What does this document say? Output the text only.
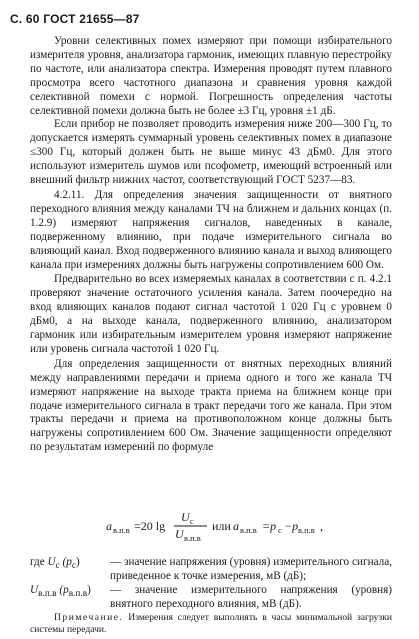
С. 60 ГОСТ 21655—87

Уровни селективных помех измеряют при помощи избирательного измерителя уровня, анализатора гармоник, имеющих плавную перестройку по частоте, или анализатора спектра. Измерения проводят путем плавного просмотра всего частотного диапазона и сравнения уровня каждой селективной помехи с нормой. Погрешность определения частоты селективной помехи должна быть не более ±3 Гц, уровня ±1 дБ.

Если прибор не позволяет проводить измерения ниже 200—300 Гц, то допускается измерять суммарный уровень селективных помех в диапазоне ≤300 Гц, который должен быть не выше минус 43 дБм0. Для этого используют измеритель шумов или псофометр, имеющий встроенный или внешний фильтр нижних частот, соответствующий ГОСТ 5237—83.

4.2.11. Для определения значения защищенности от внятного переходного влияния между каналами ТЧ на ближнем и дальних концах (п. 1.2.9) измеряют напряжения сигналов, наведенных в канале, подверженному влиянию, при подаче измерительного сигнала во влияющий канал. Вход подверженного влиянию канала и выход влияющего канала при измерениях должны быть нагружены сопротивлением 600 Ом.

Предварительно во всех измеряемых каналах в соответствии с п. 4.2.1 проверяют значение остаточного усиления канала. Затем поочередно на вход влияющих каналов подают сигнал частотой 1 020 Гц с уровнем 0 дБм0, а на выходе канала, подверженного влиянию, анализатором гармоник или избирательным измерителем уровня измеряют напряжение или уровень сигнала частотой 1 020 Гц.

Для определения защищенности от внятных переходных влияний между направлениями передачи и приема одного и того же канала ТЧ измеряют напряжение на выходе тракта приема на ближнем конце при подаче измерительного сигнала в тракт передачи того же канала. При этом тракты передачи и приема на противоположном конце должны быть нагружены сопротивлением 600 Ом. Значение защищенности определяют по результатам измерений по формуле

a в.п.в =20 lg
U с
U в.п.в
или a в.п.в =p с −p в.п.в ,
где $U_с$ $(p_с)$	— значение напряжения (уровня) измерительного сигнала, приведенное к точке измерения, мВ (дБ);
$U_{в.п.в}$ $(p_{в.п.в})$	— значение измерительного напряжения (уровня) внятного переходного влияния, мВ (дБ).
Примечание. Измерения следует выполнять в часы минимальной загрузки системы передачи.
